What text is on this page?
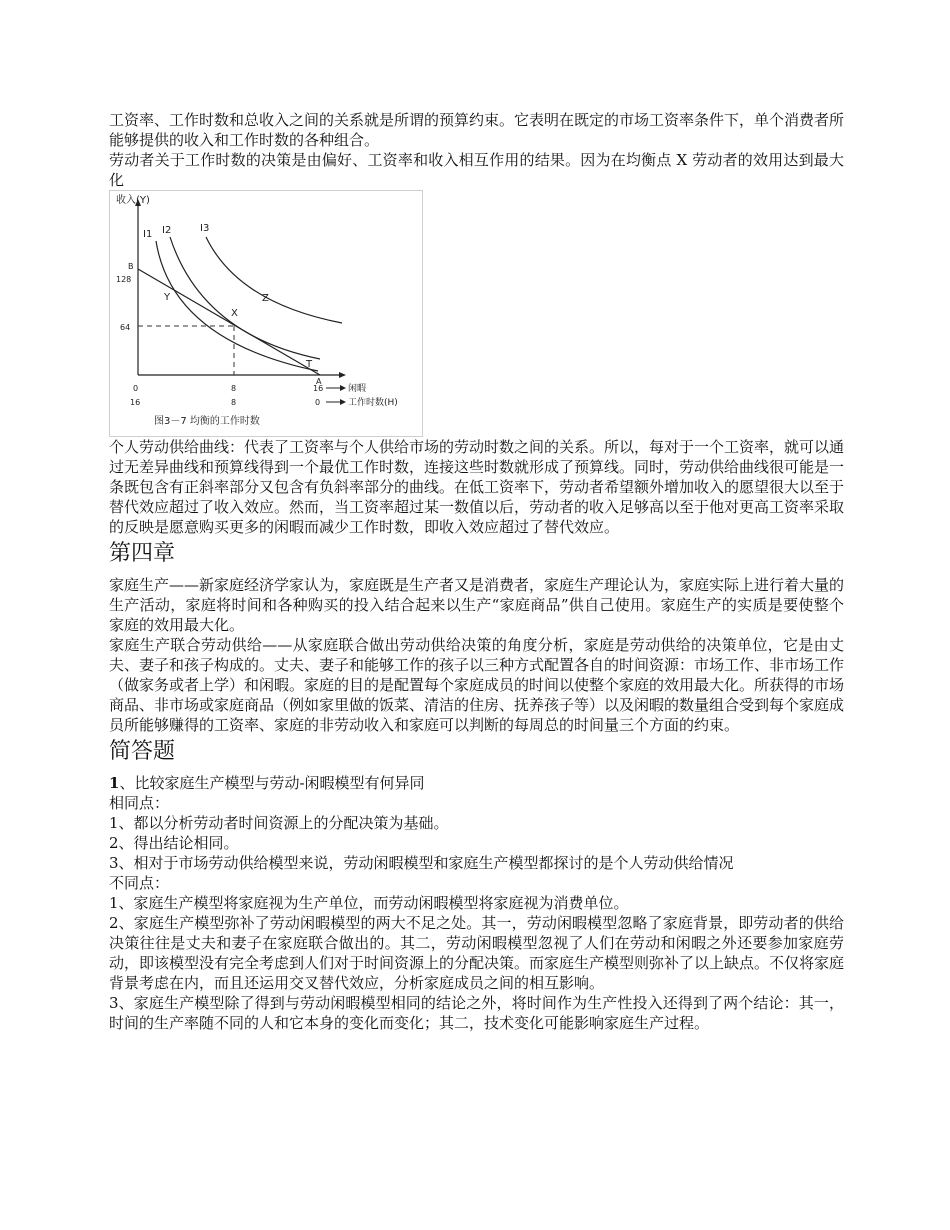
工资率、工作时数和总收入之间的关系就是所谓的预算约束。它表明在既定的市场工资率条件下，单个消费者所能够提供的收入和工作时数的各种组合。

劳动者关于工作时数的决策是由偏好、工资率和收入相互作用的结果。因为在均衡点 X 劳动者的效用达到最大化

收入(Y)
I1 I2	I3
B
128
64
Y
X
Z
T
A
0	8	16	闲暇
16	8	0	工作时数(H)
图3－7 均衡的工作时数

个人劳动供给曲线：代表了工资率与个人供给市场的劳动时数之间的关系。所以，每对于一个工资率，就可以通过无差异曲线和预算线得到一个最优工作时数，连接这些时数就形成了预算线。同时，劳动供给曲线很可能是一条既包含有正斜率部分又包含有负斜率部分的曲线。在低工资率下，劳动者希望额外增加收入的愿望很大以至于替代效应超过了收入效应。然而，当工资率超过某一数值以后，劳动者的收入足够高以至于他对更高工资率采取的反映是愿意购买更多的闲暇而减少工作时数，即收入效应超过了替代效应。

第四章

家庭生产——新家庭经济学家认为，家庭既是生产者又是消费者，家庭生产理论认为，家庭实际上进行着大量的生产活动，家庭将时间和各种购买的投入结合起来以生产“家庭商品”供自己使用。家庭生产的实质是要使整个家庭的效用最大化。

家庭生产联合劳动供给——从家庭联合做出劳动供给决策的角度分析，家庭是劳动供给的决策单位，它是由丈夫、妻子和孩子构成的。丈夫、妻子和能够工作的孩子以三种方式配置各自的时间资源：市场工作、非市场工作（做家务或者上学）和闲暇。家庭的目的是配置每个家庭成员的时间以使整个家庭的效用最大化。所获得的市场商品、非市场或家庭商品（例如家里做的饭菜、清洁的住房、抚养孩子等）以及闲暇的数量组合受到每个家庭成员所能够赚得的工资率、家庭的非劳动收入和家庭可以判断的每周总的时间量三个方面的约束。

简答题

1、比较家庭生产模型与劳动-闲暇模型有何异同

相同点：

1、都以分析劳动者时间资源上的分配决策为基础。

2、得出结论相同。

3、相对于市场劳动供给模型来说，劳动闲暇模型和家庭生产模型都探讨的是个人劳动供给情况

不同点：

1、家庭生产模型将家庭视为生产单位，而劳动闲暇模型将家庭视为消费单位。

2、家庭生产模型弥补了劳动闲暇模型的两大不足之处。其一，劳动闲暇模型忽略了家庭背景，即劳动者的供给决策往往是丈夫和妻子在家庭联合做出的。其二，劳动闲暇模型忽视了人们在劳动和闲暇之外还要参加家庭劳动，即该模型没有完全考虑到人们对于时间资源上的分配决策。而家庭生产模型则弥补了以上缺点。不仅将家庭背景考虑在内，而且还运用交叉替代效应，分析家庭成员之间的相互影响。

3、家庭生产模型除了得到与劳动闲暇模型相同的结论之外，将时间作为生产性投入还得到了两个结论：其一，时间的生产率随不同的人和它本身的变化而变化；其二，技术变化可能影响家庭生产过程。
